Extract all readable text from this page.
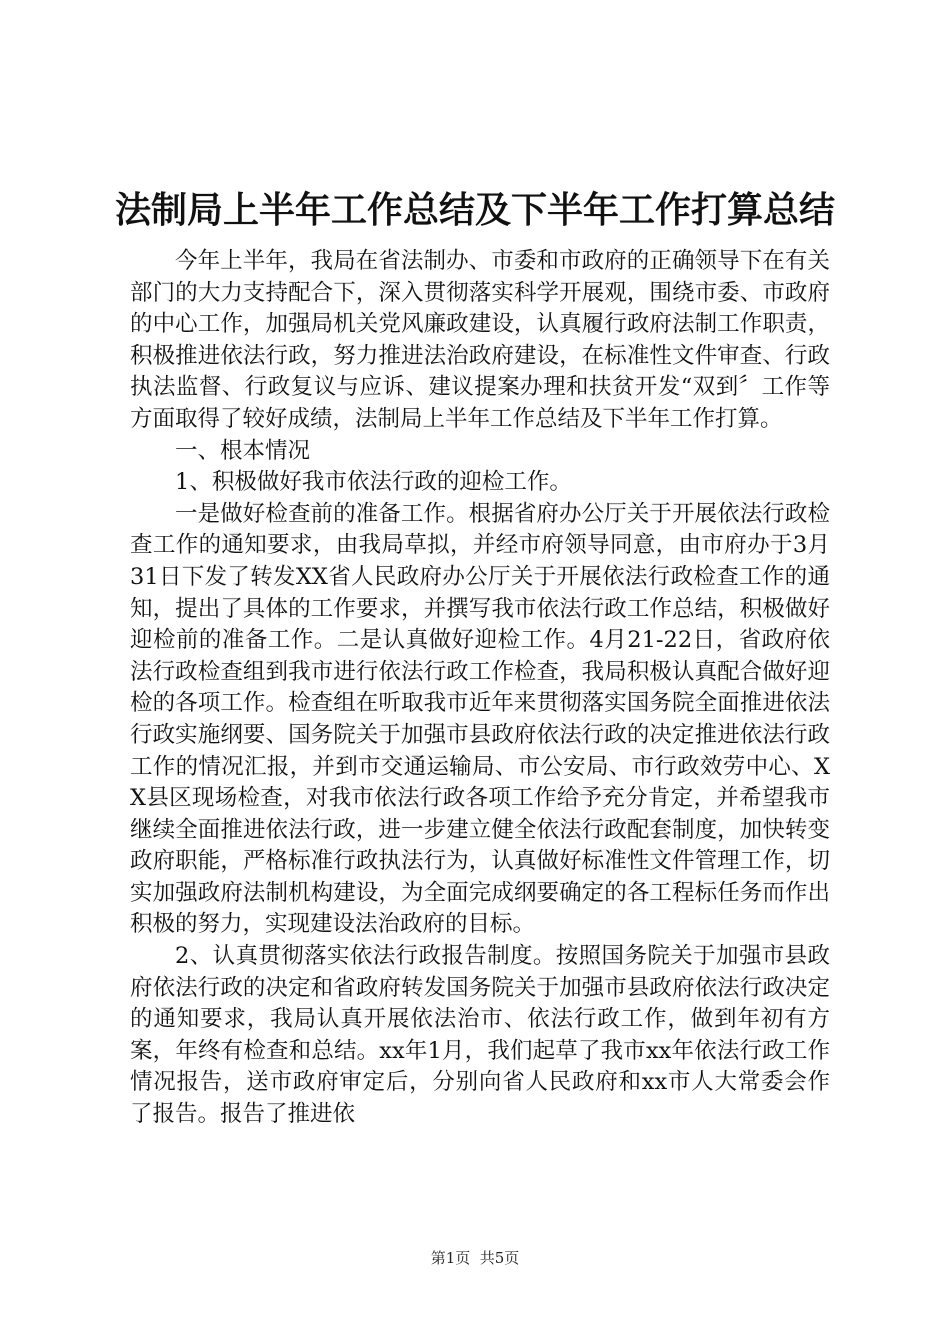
法制局上半年工作总结及下半年工作打算总结

今年上半年，我局在省法制办、市委和市政府的正确领导下在有关部门的大力支持配合下，深入贯彻落实科学开展观，围绕市委、市政府的中心工作，加强局机关党风廉政建设，认真履行政府法制工作职责，积极推进依法行政，努力推进法治政府建设，在标准性文件审查、行政执法监督、行政复议与应诉、建议提案办理和扶贫开发“双到〞工作等方面取得了较好成绩，法制局上半年工作总结及下半年工作打算。

一、根本情况

1、积极做好我市依法行政的迎检工作。

一是做好检查前的准备工作。根据省府办公厅关于开展依法行政检查工作的通知要求，由我局草拟，并经市府领导同意，由市府办于3月31日下发了转发XX省人民政府办公厅关于开展依法行政检查工作的通知，提出了具体的工作要求，并撰写我市依法行政工作总结，积极做好迎检前的准备工作。二是认真做好迎检工作。4月21-22日，省政府依法行政检查组到我市进行依法行政工作检查，我局积极认真配合做好迎检的各项工作。检查组在听取我市近年来贯彻落实国务院全面推进依法行政实施纲要、国务院关于加强市县政府依法行政的决定推进依法行政工作的情况汇报，并到市交通运输局、市公安局、市行政效劳中心、XX县区现场检查，对我市依法行政各项工作给予充分肯定，并希望我市继续全面推进依法行政，进一步建立健全依法行政配套制度，加快转变政府职能，严格标准行政执法行为，认真做好标准性文件管理工作，切实加强政府法制机构建设，为全面完成纲要确定的各工程标任务而作出积极的努力，实现建设法治政府的目标。

2、认真贯彻落实依法行政报告制度。按照国务院关于加强市县政府依法行政的决定和省政府转发国务院关于加强市县政府依法行政决定的通知要求，我局认真开展依法治市、依法行政工作，做到年初有方案，年终有检查和总结。xx年1月，我们起草了我市xx年依法行政工作情况报告，送市政府审定后，分别向省人民政府和xx市人大常委会作了报告。报告了推进依

第1页  共5页
